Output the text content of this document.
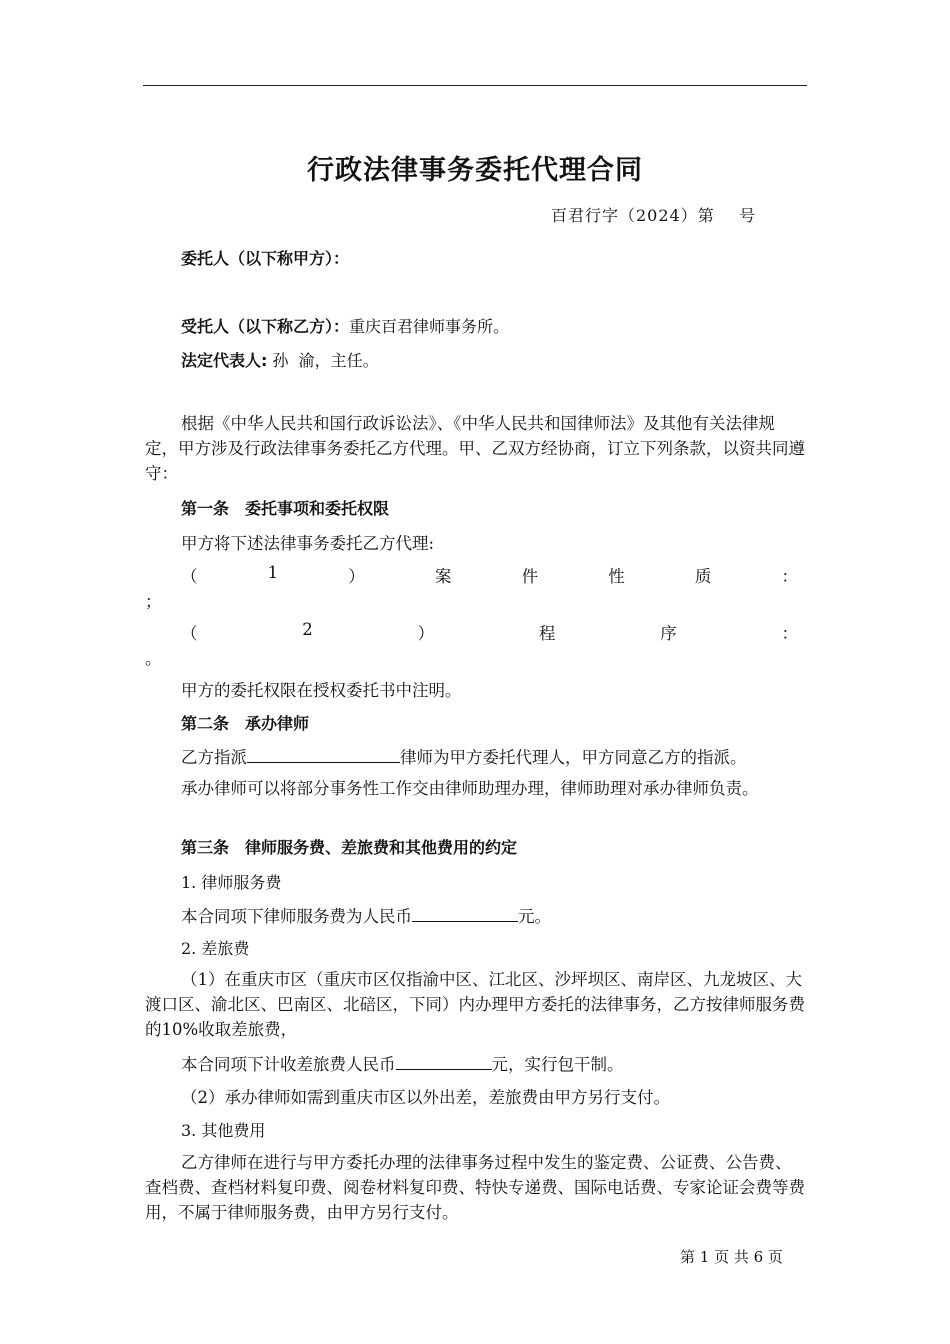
行政法律事务委托代理合同
百君行字（2024）第    号
委托人（以下称甲方）：
受托人（以下称乙方）：重庆百君律师事务所。
法定代表人: 孙  渝，主任。
根据《中华人民共和国行政诉讼法》、《中华人民共和国律师法》及其他有关法律规定，甲方涉及行政法律事务委托乙方代理。甲、乙双方经协商，订立下列条款，以资共同遵守：
第一条　委托事项和委托权限
甲方将下述法律事务委托乙方代理:
（	1	）	案	件	性	质	：
；
（	2	）	程	序	：
。
甲方的委托权限在授权委托书中注明。
第二条　承办律师
乙方指派	律师为甲方委托代理人，甲方同意乙方的指派。
承办律师可以将部分事务性工作交由律师助理办理，律师助理对承办律师负责。
第三条　律师服务费、差旅费和其他费用的约定
1. 律师服务费
本合同项下律师服务费为人民币	元。
2. 差旅费
（1）在重庆市区（重庆市区仅指渝中区、江北区、沙坪坝区、南岸区、九龙坡区、大渡口区、渝北区、巴南区、北碚区，下同）内办理甲方委托的法律事务，乙方按律师服务费的10%收取差旅费，
本合同项下计收差旅费人民币	元，实行包干制。
（2）承办律师如需到重庆市区以外出差，差旅费由甲方另行支付。
3. 其他费用
乙方律师在进行与甲方委托办理的法律事务过程中发生的鉴定费、公证费、公告费、查档费、查档材料复印费、阅卷材料复印费、特快专递费、国际电话费、专家论证会费等费用，不属于律师服务费，由甲方另行支付。
第 1 页 共 6 页
